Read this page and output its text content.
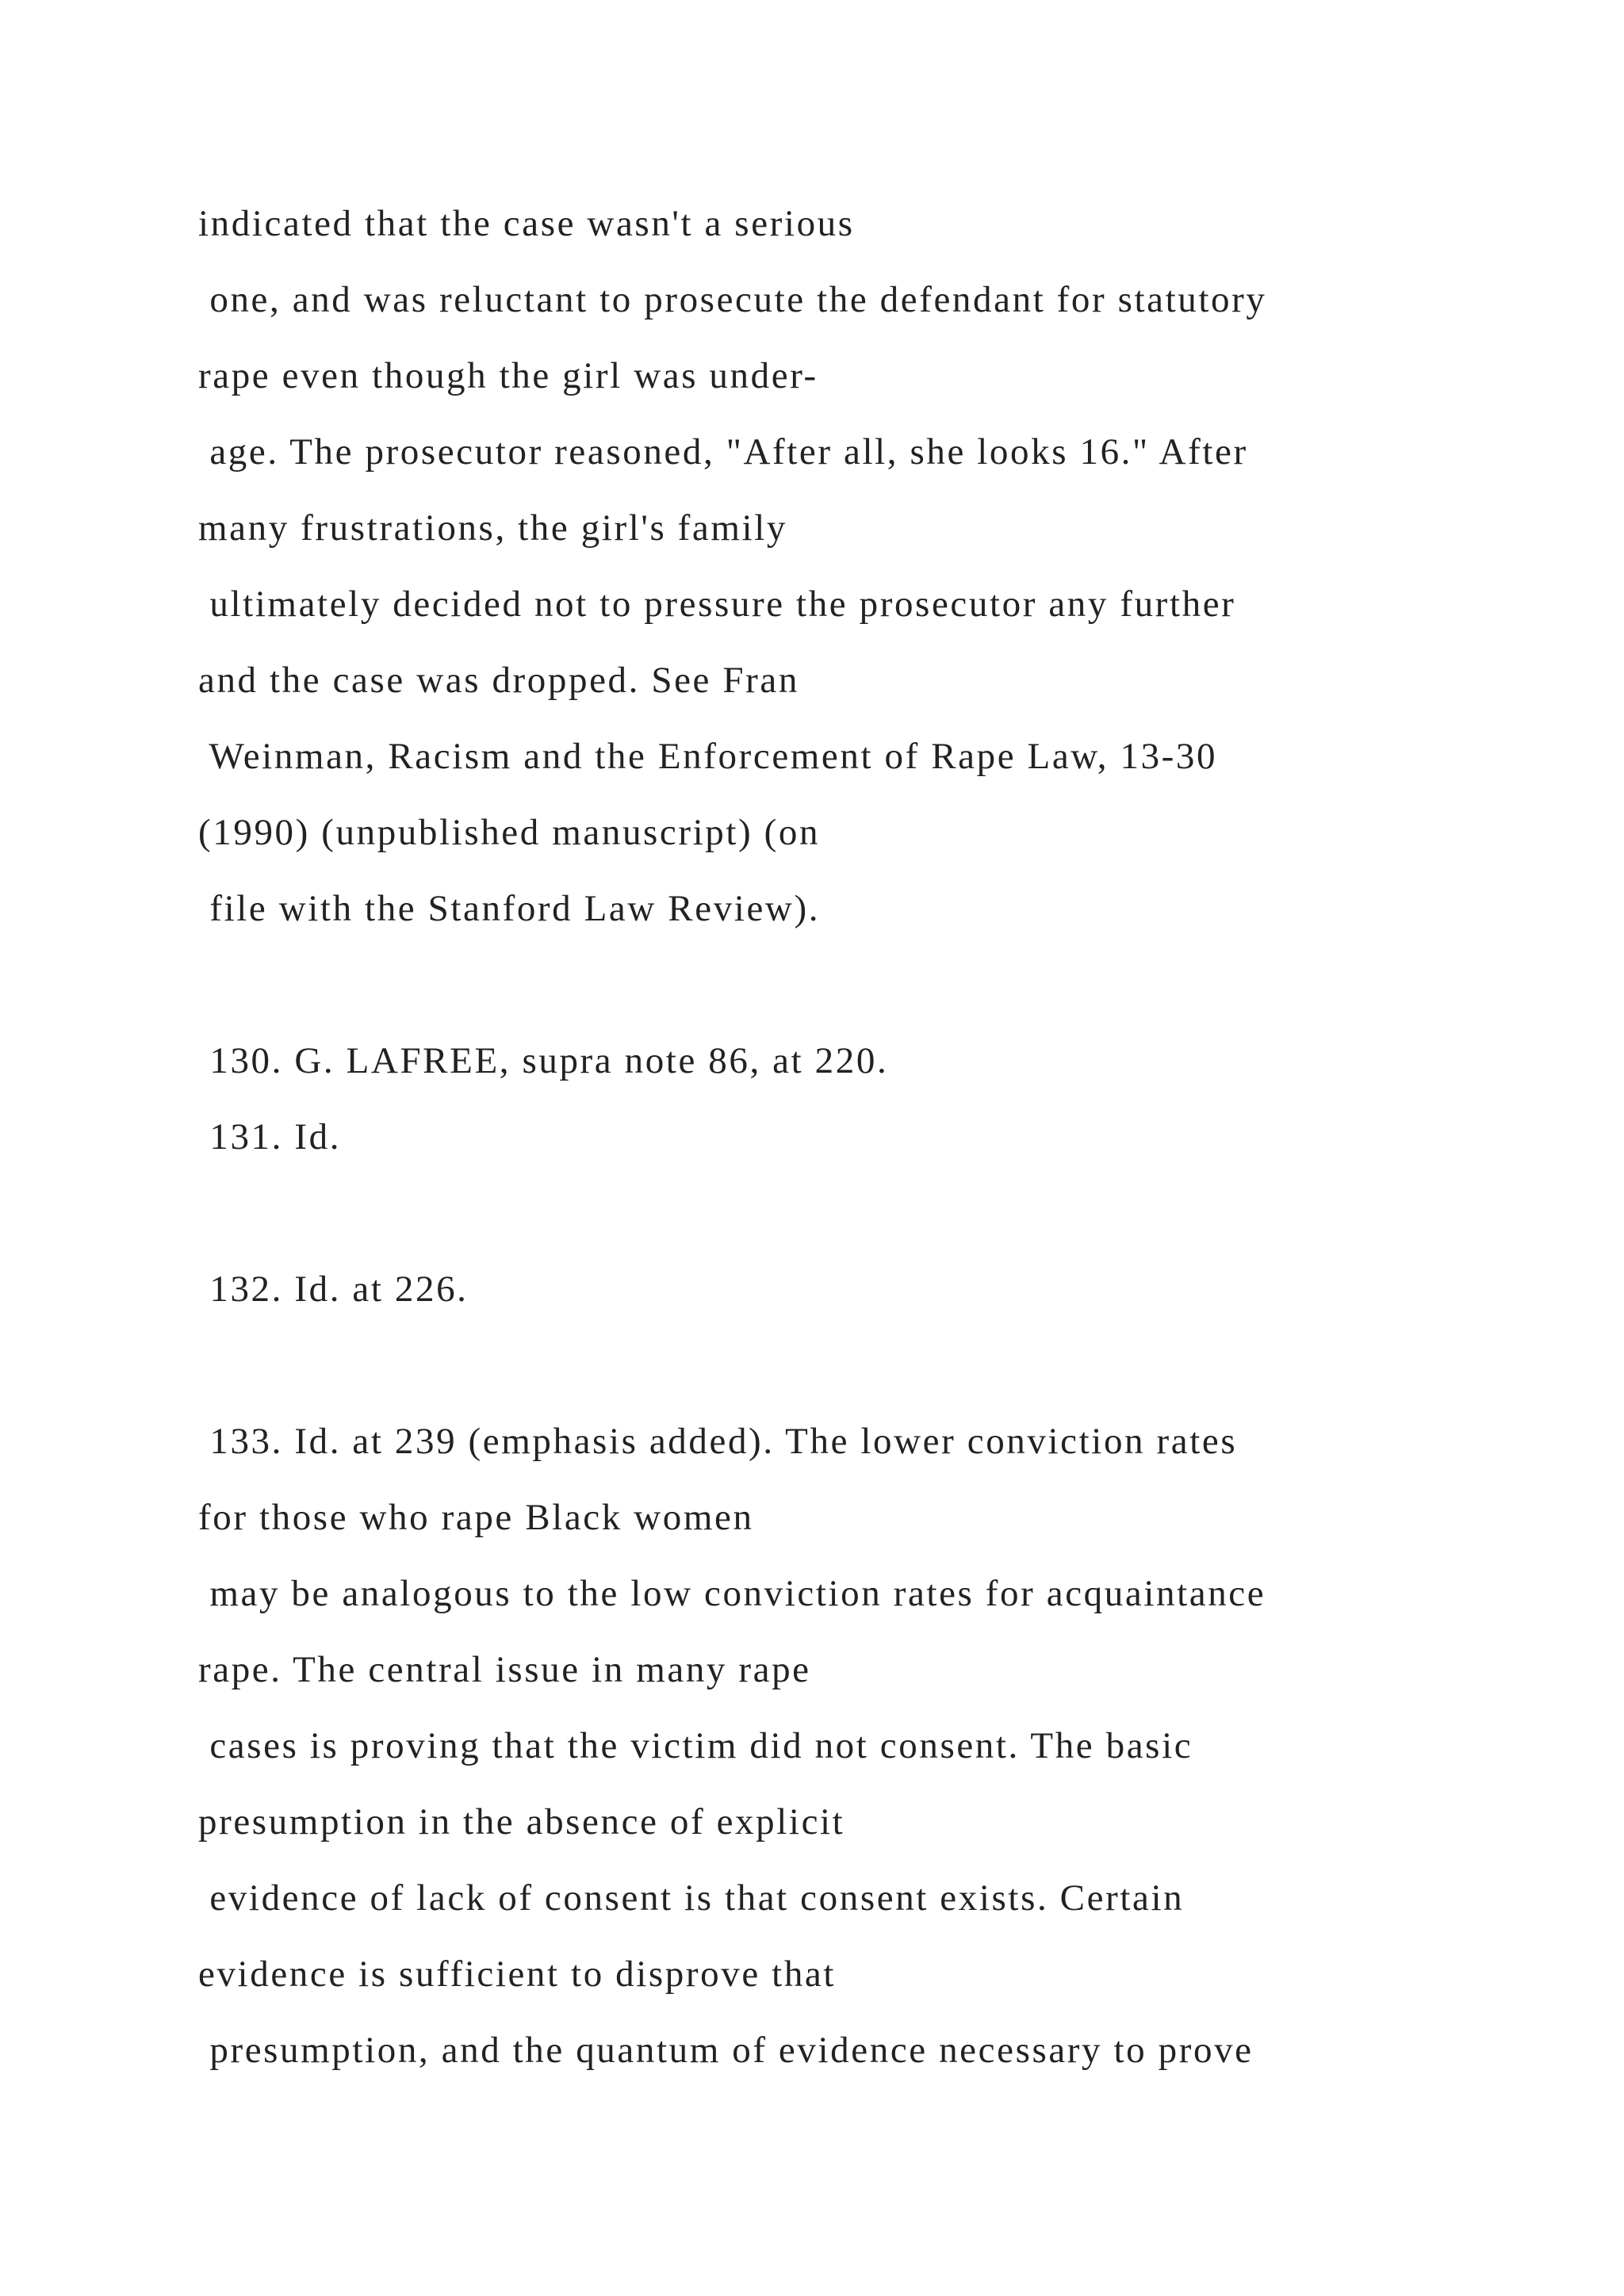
indicated that the case wasn't a serious

one, and was reluctant to prosecute the defendant for statutory

rape even though the girl was under-

age. The prosecutor reasoned, "After all, she looks 16." After

many frustrations, the girl's family

ultimately decided not to pressure the prosecutor any further

and the case was dropped. See Fran

Weinman, Racism and the Enforcement of Rape Law, 13-30

(1990) (unpublished manuscript) (on

file with the Stanford Law Review).

130. G. LAFREE, supra note 86, at 220.

131. Id.

132. Id. at 226.

133. Id. at 239 (emphasis added). The lower conviction rates

for those who rape Black women

may be analogous to the low conviction rates for acquaintance

rape. The central issue in many rape

cases is proving that the victim did not consent. The basic

presumption in the absence of explicit

evidence of lack of consent is that consent exists. Certain

evidence is sufficient to disprove that

presumption, and the quantum of evidence necessary to prove
